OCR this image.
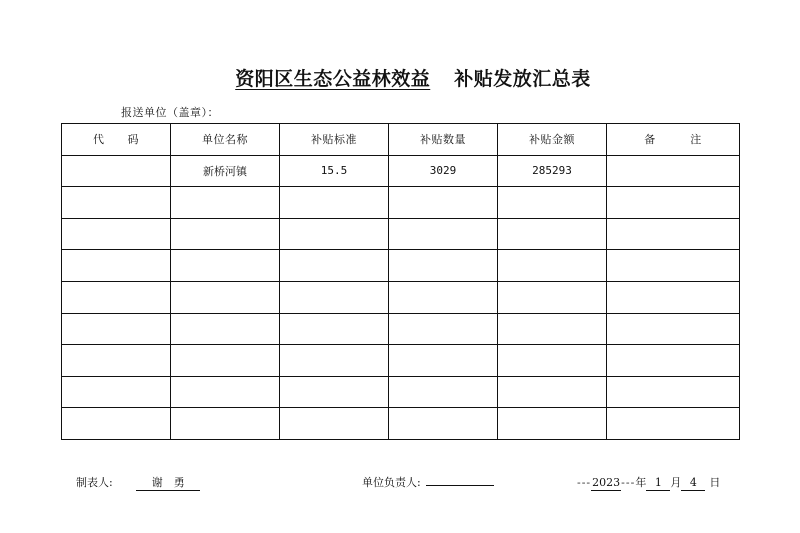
资阳区生态公益林效益 补贴发放汇总表
报送单位（盖章）：
代　　码	单位名称	补贴标准	补贴数量	补贴金额	备　　　注
	新桥河镇	15.5	3029	285293	

制表人:	谢　勇	单位负责人:	---2023---年 1 月 4 日
